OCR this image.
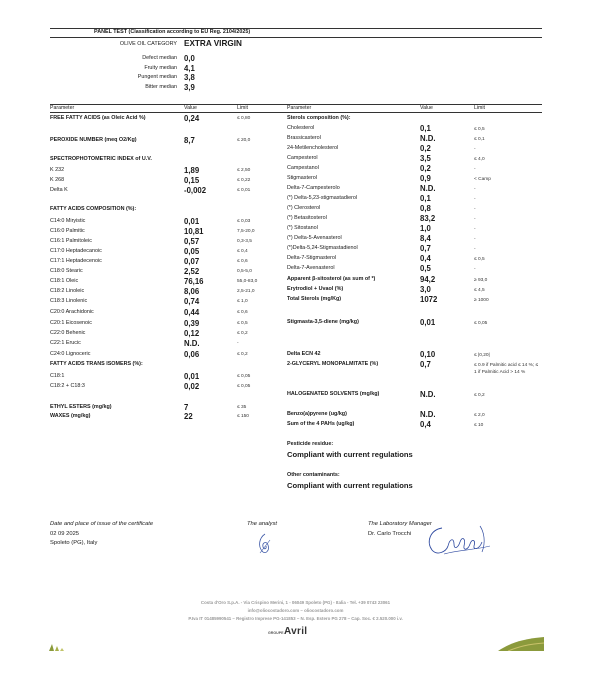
PANEL TEST (Classification according to EU Reg. 2104/2025)
OLIVE OIL CATEGORY EXTRA VIRGIN
Defect median 0,0
Fruity median 4,1
Pungent median 3,8
Bitter median 3,9
Parameter	Value	Limit	Parameter	Value	Limit
FREE FATTY ACIDS (as Oleic Acid %)	0,24	≤ 0,80
PEROXIDE NUMBER (meq O2/Kg)	8,7	≤ 20,0
SPECTROPHOTOMETRIC INDEX of U.V.
K 232	1,89	≤ 2,50
K 268	0,15	≤ 0,22
Delta K	-0,002	≤ 0,01
FATTY ACIDS COMPOSITION (%):
C14:0 Miryistic	0,01	≤ 0,03
C16:0 Palmitic	10,81	7,5-20,0
C16:1 Palmitoleic	0,57	0,3-3,5
C17:0 Heptadecanoic	0,05	≤ 0,4
C17:1 Heptadecenoic	0,07	≤ 0,6
C18:0 Stearic	2,52	0,5-5,0
C18:1 Oleic	76,16	55,0-83,0
C18:2 Linoleic	8,06	2,5-21,0
C18:3 Linolenic	0,74	≤ 1,0
C20:0 Arachidonic	0,44	≤ 0,6
C20:1 Eicosenoic	0,39	≤ 0,5
C22:0 Behenic	0,12	≤ 0,2
C22:1 Erucic	N.D.	-
C24:0 Lignoceric	0,06	≤ 0,2
FATTY ACIDS TRANS ISOMERS (%):
C18:1	0,01	≤ 0,05
C18:2 + C18:3	0,02	≤ 0,05
ETHYL ESTERS (mg/kg)	7	≤ 35
WAXES (mg/kg)	22	≤ 150
Sterols composition (%):
Cholesterol	0,1	≤ 0,5
Brassicasterol	N.D.	≤ 0,1
24-Metilencholesterol	0,2	-
Campesterol	3,5	≤ 4,0
Campestanol	0,2	-
Stigmasterol	0,9	< Camp
Delta-7-Campesterolo	N.D.	-
(*) Delta-5,23-stigmastadierol	0,1	-
(*) Clerosterol	0,8	-
(*) Betasitosterol	83,2	-
(*) Sitostanol	1,0	-
(*) Delta-5-Avenasterol	8,4	-
(*)Delta-5,24-Stigmastadienol	0,7	-
Delta-7-Stigmasterol	0,4	≤ 0,5
Delta-7-Avenasterol	0,5	-
Apparent β-sitosterol (as sum of *)	94,2	≥ 93,0
Erytrodiol + Uvaol (%)	3,0	≤ 4,5
Total Sterols (mg/Kg)	1072	≥ 1000
Stigmasta-3,5-diene (mg/kg)	0,01	≤ 0,05
Delta ECN 42	0,10	≤ |0,20|
2-GLYCERYL MONOPALMITATE (%)	0,7	≤ 0.9 if Palmitic acid ≤ 14 %; ≤ 1 if Palmitic Acid > 14 %
HALOGENATED SOLVENTS (mg/kg)	N.D.	≤ 0,2
Benzo(a)pyrene (ug/kg)	N.D.	≤ 2,0
Sum of the 4 PAHs (ug/kg)	0,4	≤ 10
Pesticide residue:
Compliant with current regulations
Other contaminants:
Compliant with current regulations
Date and place of issue of the certificate
02 09 2025
Spoleto (PG), Italy
The analyst	The Laboratory Manager
Dr. Carlo Trocchi
Costa d'Oro S.p.A. - Via Crispino Merini, 1 - 06049 Spoleto (PG) - Italia - Tel. +39 0743 23061
info@oliocostadoro.com – oliocostadoro.com
P.Iva IT 01485990541 – Registro Imprese PG-141853 – N. Esp. Estero PG 278 – Cap. Soc. € 2.520.000 i.v.
GROUPE Avril
